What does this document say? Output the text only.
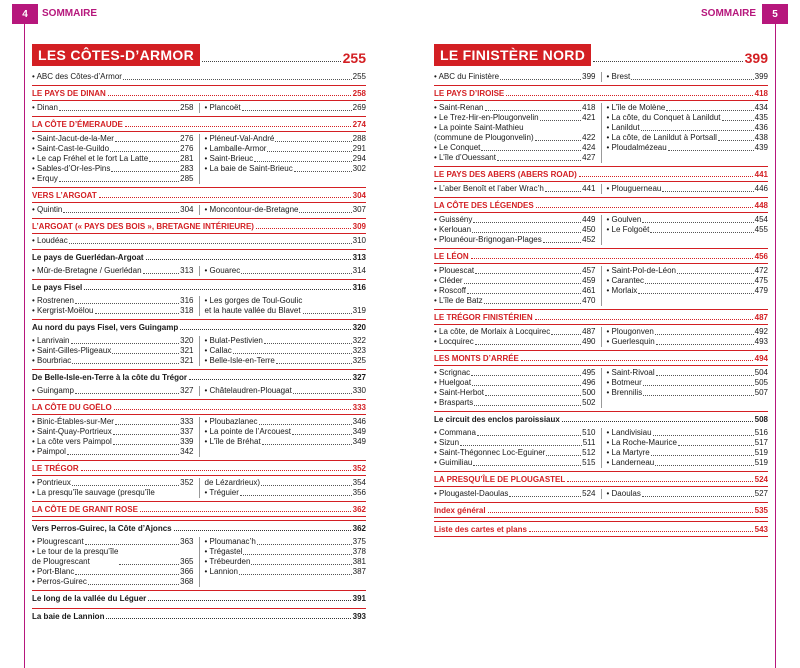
4	SOMMAIRE
LES CÔTES-D’ARMOR	255
• ABC des Côtes-d’Armor	255
LE PAYS DE DINAN	258
• Dinan	258 • Plancoët	269
LA CÔTE D’ÉMERAUDE	274
• Saint-Jacut-de-la-Mer	276
• Saint-Cast-le-Guildo	276
• Le cap Fréhel et le fort La Latte	281
• Sables-d’Or-les-Pins	283
• Erquy	285
• Pléneuf-Val-André	288
• Lamballe-Armor	291
• Saint-Brieuc	294
• La baie de Saint-Brieuc	302
VERS L’ARGOAT	304
• Quintin	304 • Moncontour-de-Bretagne	307
L’ARGOAT (« PAYS DES BOIS », BRETAGNE INTÉRIEURE)	309
• Loudéac	310
Le pays de Guerlédan-Argoat	313
• Mûr-de-Bretagne / Guerlédan	313 • Gouarec	314
Le pays Fisel	316
• Rostrenen	316
• Kergrist-Moëlou	318
• Les gorges de Toul-Goulic
et la haute vallée du Blavet	319
Au nord du pays Fisel, vers Guingamp	320
• Lanrivain	320
• Saint-Gilles-Pligeaux	321
• Bourbriac	321
• Bulat-Pestivien	322
• Callac	323
• Belle-Isle-en-Terre	325
De Belle-Isle-en-Terre à la côte du Trégor	327
• Guingamp	327 • Châtelaudren-Plouagat	330
LA CÔTE DU GOËLO	333
• Binic-Étables-sur-Mer	333
• Saint-Quay-Portrieux	337
• La côte vers Paimpol	339
• Paimpol	342
• Ploubazlanec	346
• La pointe de l’Arcouest	349
• L’île de Bréhat	349
LE TRÉGOR	352
• Pontrieux	352
• La presqu’île sauvage (presqu’île
de Lézardrieux)	354
• Tréguier	356
LA CÔTE DE GRANIT ROSE	362
Vers Perros-Guirec, la Côte d’Ajoncs	362
• Plougrescant	363
• Le tour de la presqu’île
de Plougrescant	365
• Port-Blanc	366
• Perros-Guirec	368
• Ploumanac’h	375
• Trégastel	378
• Trébeurden	381
• Lannion	387
Le long de la vallée du Léguer	391
La baie de Lannion	393
SOMMAIRE	5
LE FINISTÈRE NORD	399
• ABC du Finistère	399 • Brest	399
LE PAYS D’IROISE	418
• Saint-Renan	418
• Le Trez-Hir-en-Plougonvelin	421
• La pointe Saint-Mathieu
(commune de Plougonvelin)	422
• Le Conquet	424
• L’île d’Ouessant	427
• L’île de Molène	434
• La côte, du Conquet à Lanildut	435
• Lanildut	436
• La côte, de Lanildut à Portsall	438
• Ploudalmézeau	439
LE PAYS DES ABERS (ABERS ROAD)	441
• L’aber Benoît et l’aber Wrac’h	441 • Plouguerneau	446
LA CÔTE DES LÉGENDES	448
• Guissény	449
• Kerlouan	450
• Plounéour-Brignogan-Plages	452
• Goulven	454
• Le Folgoët	455
LE LÉON	456
• Plouescat	457
• Cléder	459
• Roscoff	461
• L’île de Batz	470
• Saint-Pol-de-Léon	472
• Carantec	475
• Morlaix	479
LE TRÉGOR FINISTÉRIEN	487
• La côte, de Morlaix à Locquirec	487
• Locquirec	490
• Plougonven	492
• Guerlesquin	493
LES MONTS D’ARRÉE	494
• Scrignac	495
• Huelgoat	496
• Saint-Herbot	500
• Brasparts	502
• Saint-Rivoal	504
• Botmeur	505
• Brennilis	507
Le circuit des enclos paroissiaux	508
• Commana	510
• Sizun	511
• Saint-Thégonnec Loc-Eguiner	512
• Guimiliau	515
• Landivisiau	516
• La Roche-Maurice	517
• La Martyre	519
• Landerneau	519
LA PRESQU’ÎLE DE PLOUGASTEL	524
• Plougastel-Daoulas	524 • Daoulas	527
Index général	535
Liste des cartes et plans	543
